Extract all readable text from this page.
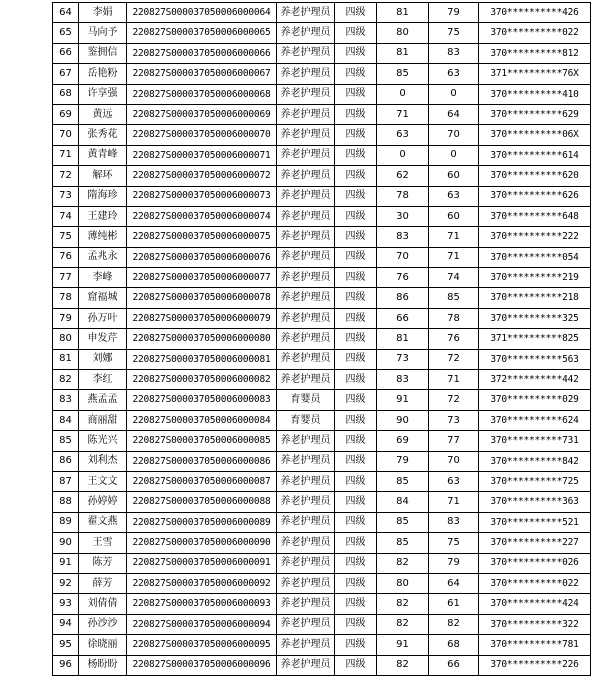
64	李娟	220827S000037050006000064	养老护理员	四级	81	79	370**********426
65	马向予	220827S000037050006000065	养老护理员	四级	80	75	370**********022
66	鉴拥信	220827S000037050006000066	养老护理员	四级	81	83	370**********812
67	岳艳粉	220827S000037050006000067	养老护理员	四级	85	63	371**********76X
68	许享强	220827S000037050006000068	养老护理员	四级	0	0	370**********410
69	黄远	220827S000037050006000069	养老护理员	四级	71	64	370**********629
70	张秀花	220827S000037050006000070	养老护理员	四级	63	70	370**********06X
71	黄青峰	220827S000037050006000071	养老护理员	四级	0	0	370**********614
72	解环	220827S000037050006000072	养老护理员	四级	62	60	370**********620
73	隋海珍	220827S000037050006000073	养老护理员	四级	78	63	370**********626
74	王建玲	220827S000037050006000074	养老护理员	四级	30	60	370**********648
75	薄纯彬	220827S000037050006000075	养老护理员	四级	83	71	370**********222
76	孟兆永	220827S000037050006000076	养老护理员	四级	70	71	370**********054
77	李峰	220827S000037050006000077	养老护理员	四级	76	74	370**********219
78	窟福城	220827S000037050006000078	养老护理员	四级	86	85	370**********218
79	孙万叶	220827S000037050006000079	养老护理员	四级	66	78	370**********325
80	申发芹	220827S000037050006000080	养老护理员	四级	81	76	371**********825
81	刘娜	220827S000037050006000081	养老护理员	四级	73	72	370**********563
82	李红	220827S000037050006000082	养老护理员	四级	83	71	372**********442
83	燕孟孟	220827S000037050006000083	育婴员	四级	91	72	370**********029
84	商丽甜	220827S000037050006000084	育婴员	四级	90	73	370**********624
85	陈光兴	220827S000037050006000085	养老护理员	四级	69	77	370**********731
86	刘利杰	220827S000037050006000086	养老护理员	四级	79	70	370**********842
87	王文文	220827S000037050006000087	养老护理员	四级	85	63	370**********725
88	孙婷婷	220827S000037050006000088	养老护理员	四级	84	71	370**********363
89	翟文燕	220827S000037050006000089	养老护理员	四级	85	83	370**********521
90	王雪	220827S000037050006000090	养老护理员	四级	85	75	370**********227
91	陈芳	220827S000037050006000091	养老护理员	四级	82	79	370**********026
92	薛芳	220827S000037050006000092	养老护理员	四级	80	64	370**********022
93	刘倩倩	220827S000037050006000093	养老护理员	四级	82	61	370**********424
94	孙沙沙	220827S000037050006000094	养老护理员	四级	82	82	370**********322
95	徐晓丽	220827S000037050006000095	养老护理员	四级	91	68	370**********781
96	杨盼盼	220827S000037050006000096	养老护理员	四级	82	66	370**********226
